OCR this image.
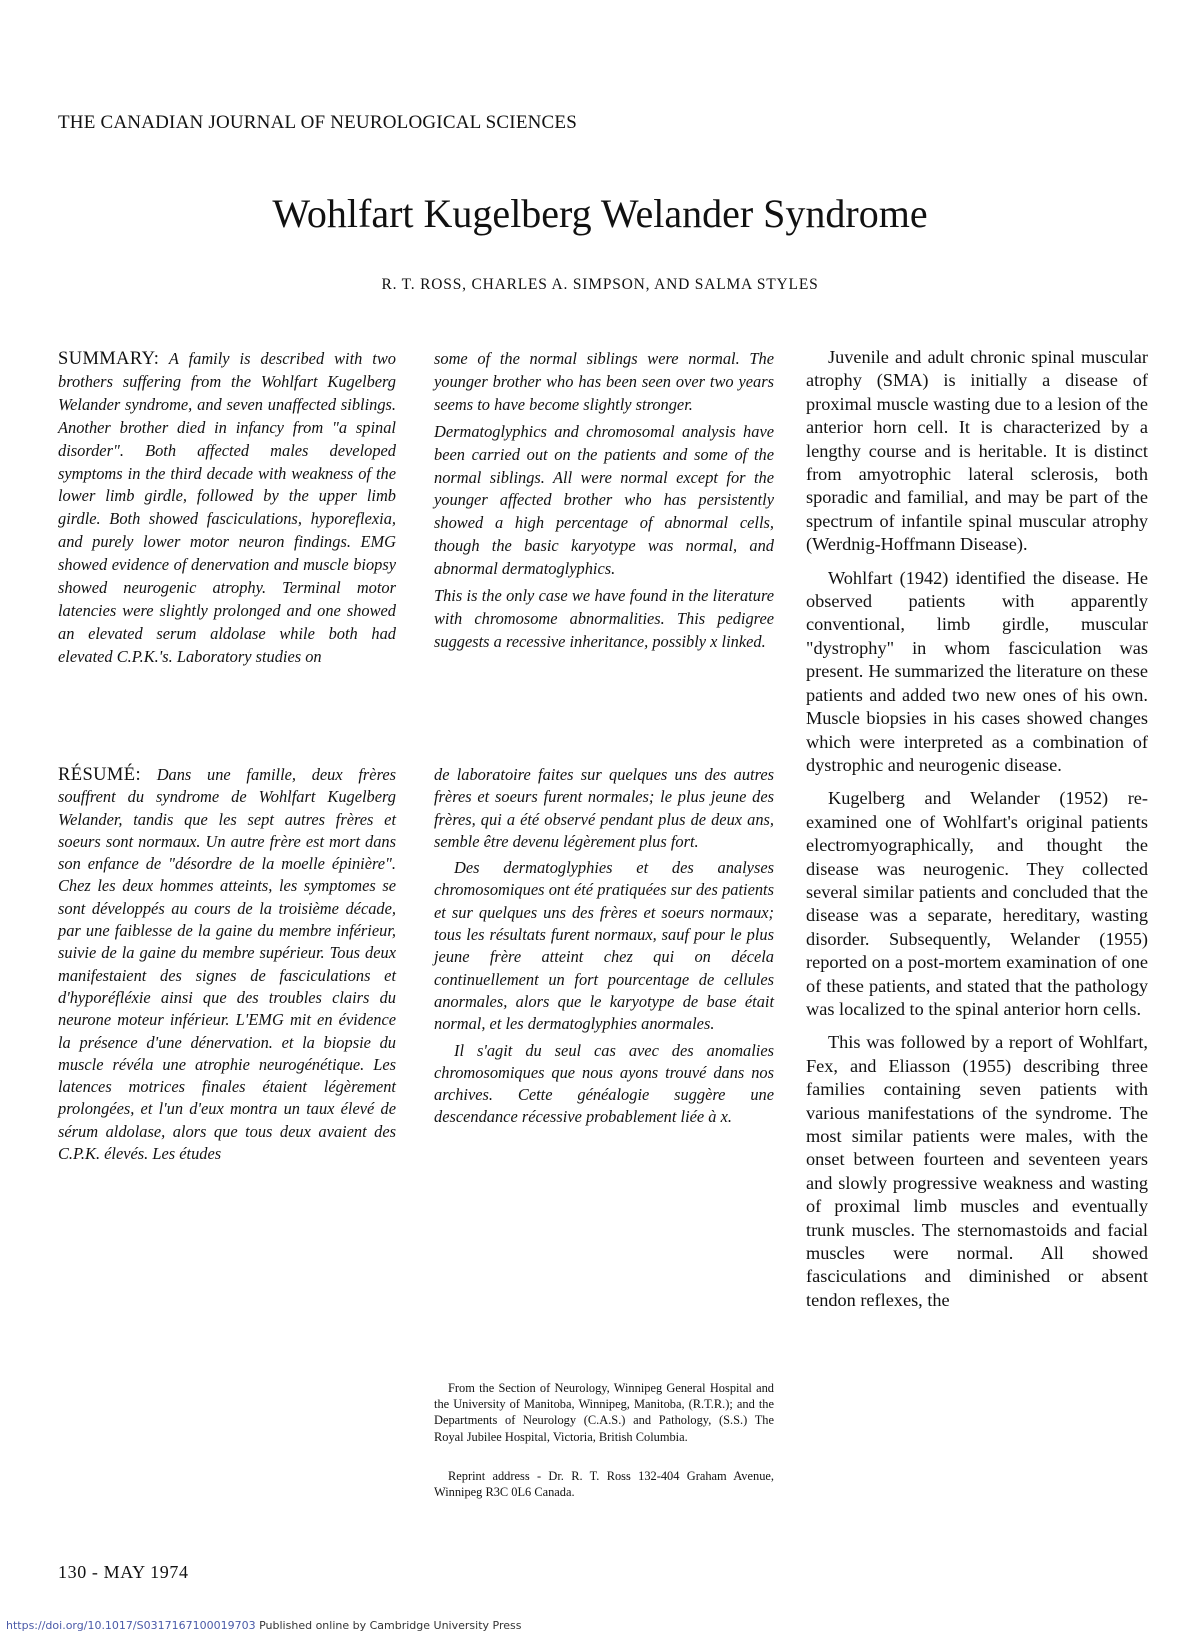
THE CANADIAN JOURNAL OF NEUROLOGICAL SCIENCES
Wohlfart Kugelberg Welander Syndrome
R. T. ROSS, CHARLES A. SIMPSON, AND SALMA STYLES

SUMMARY: A family is described with two brothers suffering from the Wohlfart Kugelberg Welander syndrome, and seven unaffected siblings. Another brother died in infancy from "a spinal disorder". Both affected males developed symptoms in the third decade with weakness of the lower limb girdle, followed by the upper limb girdle. Both showed fasciculations, hyporeflexia, and purely lower motor neuron findings. EMG showed evidence of denervation and muscle biopsy showed neurogenic atrophy. Terminal motor latencies were slightly prolonged and one showed an elevated serum aldolase while both had elevated C.P.K.'s. Laboratory studies on

some of the normal siblings were normal. The younger brother who has been seen over two years seems to have become slightly stronger.

Dermatoglyphics and chromosomal analysis have been carried out on the patients and some of the normal siblings. All were normal except for the younger affected brother who has persistently showed a high percentage of abnormal cells, though the basic karyotype was normal, and abnormal dermatoglyphics.

This is the only case we have found in the literature with chromosome abnormalities. This pedigree suggests a recessive inheritance, possibly x linked.

RÉSUMÉ: Dans une famille, deux frères souffrent du syndrome de Wohlfart Kugelberg Welander, tandis que les sept autres frères et soeurs sont normaux. Un autre frère est mort dans son enfance de "désordre de la moelle épinière". Chez les deux hommes atteints, les symptomes se sont développés au cours de la troisième décade, par une faiblesse de la gaine du membre inférieur, suivie de la gaine du membre supérieur. Tous deux manifestaient des signes de fasciculations et d'hyporéfléxie ainsi que des troubles clairs du neurone moteur inférieur. L'EMG mit en évidence la présence d'une dénervation. et la biopsie du muscle révéla une atrophie neurogénétique. Les latences motrices finales étaient légèrement prolongées, et l'un d'eux montra un taux élevé de sérum aldolase, alors que tous deux avaient des C.P.K. élevés. Les études

de laboratoire faites sur quelques uns des autres frères et soeurs furent normales; le plus jeune des frères, qui a été observé pendant plus de deux ans, semble être devenu légèrement plus fort.

Des dermatoglyphies et des analyses chromosomiques ont été pratiquées sur des patients et sur quelques uns des frères et soeurs normaux; tous les résultats furent normaux, sauf pour le plus jeune frère atteint chez qui on décela continuellement un fort pourcentage de cellules anormales, alors que le karyotype de base était normal, et les dermatoglyphies anormales.

Il s'agit du seul cas avec des anomalies chromosomiques que nous ayons trouvé dans nos archives. Cette généalogie suggère une descendance récessive probablement liée à x.

Juvenile and adult chronic spinal muscular atrophy (SMA) is initially a disease of proximal muscle wasting due to a lesion of the anterior horn cell. It is characterized by a lengthy course and is heritable. It is distinct from amyotrophic lateral sclerosis, both sporadic and familial, and may be part of the spectrum of infantile spinal muscular atrophy (Werdnig-Hoffmann Disease).

Wohlfart (1942) identified the disease. He observed patients with apparently conventional, limb girdle, muscular "dystrophy" in whom fasciculation was present. He summarized the literature on these patients and added two new ones of his own. Muscle biopsies in his cases showed changes which were interpreted as a combination of dystrophic and neurogenic disease.

Kugelberg and Welander (1952) re-examined one of Wohlfart's original patients electromyographically, and thought the disease was neurogenic. They collected several similar patients and concluded that the disease was a separate, hereditary, wasting disorder. Subsequently, Welander (1955) reported on a post-mortem examination of one of these patients, and stated that the pathology was localized to the spinal anterior horn cells.

This was followed by a report of Wohlfart, Fex, and Eliasson (1955) describing three families containing seven patients with various manifestations of the syndrome. The most similar patients were males, with the onset between fourteen and seventeen years and slowly progressive weakness and wasting of proximal limb muscles and eventually trunk muscles. The sternomastoids and facial muscles were normal. All showed fasciculations and diminished or absent tendon reflexes, the

From the Section of Neurology, Winnipeg General Hospital and the University of Manitoba, Winnipeg, Manitoba, (R.T.R.); and the Departments of Neurology (C.A.S.) and Pathology, (S.S.) The Royal Jubilee Hospital, Victoria, British Columbia.

Reprint address - Dr. R. T. Ross 132-404 Graham Avenue, Winnipeg R3C 0L6 Canada.

130 - MAY 1974
https://doi.org/10.1017/S0317167100019703 Published online by Cambridge University Press
